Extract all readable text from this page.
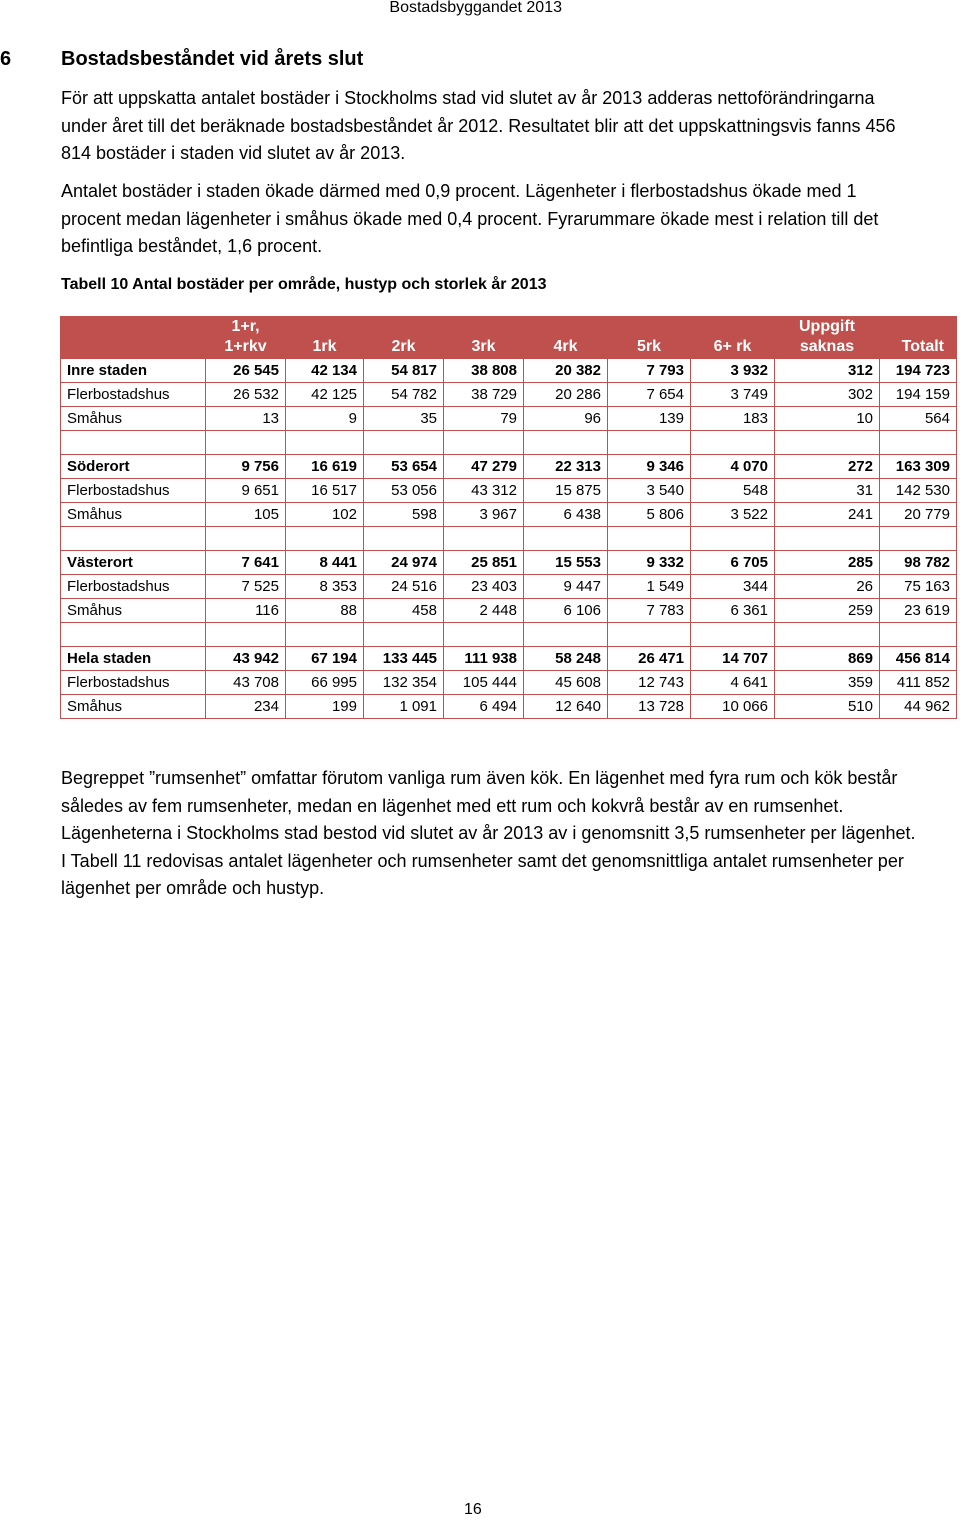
Bostadsbyggandet 2013
6 Bostadsbeståndet vid årets slut

För att uppskatta antalet bostäder i Stockholms stad vid slutet av år 2013 adderas nettoförändringarna under året till det beräknade bostadsbeståndet år 2012. Resultatet blir att det uppskattningsvis fanns 456 814 bostäder i staden vid slutet av år 2013.

Antalet bostäder i staden ökade därmed med 0,9 procent. Lägenheter i flerbostadshus ökade med 1 procent medan lägenheter i småhus ökade med 0,4 procent. Fyrarummare ökade mest i relation till det befintliga beståndet, 1,6 procent.

Tabell 10 Antal bostäder per område, hustyp och storlek år 2013

	1+r,
1+rkv	1rk	2rk	3rk	4rk	5rk	6+ rk	Uppgift
saknas	Totalt
Inre staden	26 545	42 134	54 817	38 808	20 382	7 793	3 932	312	194 723
Flerbostadshus	26 532	42 125	54 782	38 729	20 286	7 654	3 749	302	194 159
Småhus	13	9	35	79	96	139	183	10	564

Söderort	9 756	16 619	53 654	47 279	22 313	9 346	4 070	272	163 309
Flerbostadshus	9 651	16 517	53 056	43 312	15 875	3 540	548	31	142 530
Småhus	105	102	598	3 967	6 438	5 806	3 522	241	20 779

Västerort	7 641	8 441	24 974	25 851	15 553	9 332	6 705	285	98 782
Flerbostadshus	7 525	8 353	24 516	23 403	9 447	1 549	344	26	75 163
Småhus	116	88	458	2 448	6 106	7 783	6 361	259	23 619

Hela staden	43 942	67 194	133 445	111 938	58 248	26 471	14 707	869	456 814
Flerbostadshus	43 708	66 995	132 354	105 444	45 608	12 743	4 641	359	411 852
Småhus	234	199	1 091	6 494	12 640	13 728	10 066	510	44 962

Begreppet ”rumsenhet” omfattar förutom vanliga rum även kök. En lägenhet med fyra rum och kök består således av fem rumsenheter, medan en lägenhet med ett rum och kokvrå består av en rumsenhet. Lägenheterna i Stockholms stad bestod vid slutet av år 2013 av i genomsnitt 3,5 rumsenheter per lägenhet. I Tabell 11 redovisas antalet lägenheter och rumsenheter samt det genomsnittliga antalet rumsenheter per lägenhet per område och hustyp.

16
